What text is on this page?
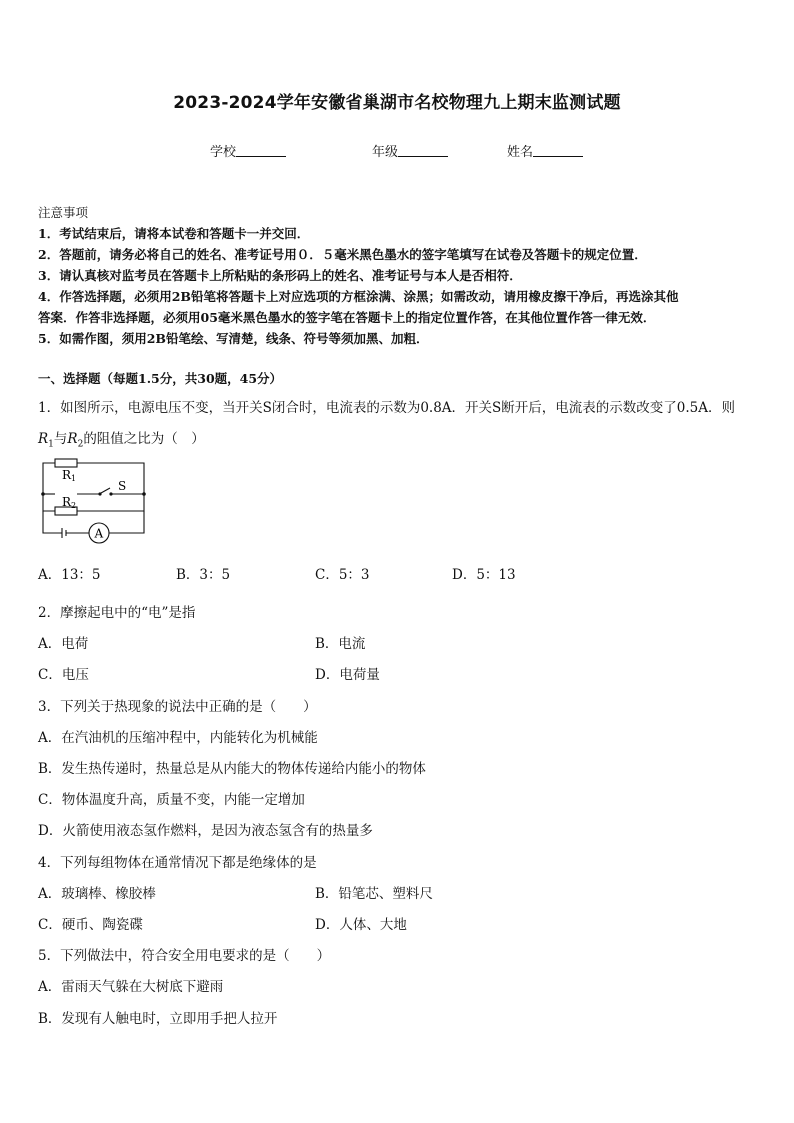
2023-2024学年安徽省巢湖市名校物理九上期末监测试题
学校	年级	姓名
注意事项
1．考试结束后，请将本试卷和答题卡一并交回．
2．答题前，请务必将自己的姓名、准考证号用０．５毫米黑色墨水的签字笔填写在试卷及答题卡的规定位置．
3．请认真核对监考员在答题卡上所粘贴的条形码上的姓名、准考证号与本人是否相符．
4．作答选择题，必须用2B铅笔将答题卡上对应选项的方框涂满、涂黑；如需改动，请用橡皮擦干净后，再选涂其他
答案．作答非选择题，必须用05毫米黑色墨水的签字笔在答题卡上的指定位置作答，在其他位置作答一律无效．
5．如需作图，须用2B铅笔绘、写清楚，线条、符号等须加黑、加粗．
一、选择题（每题1.5分，共30题，45分）
1．如图所示，电源电压不变，当开关S闭合时，电流表的示数为0.8A．开关S断开后，电流表的示数改变了0.5A．则
$R_1$与$R_2$的阻值之比为（　）
R1
R2
S
A
A．13：5	B．3：5	C．5：3	D．5：13
2．摩擦起电中的“电”是指
A．电荷	B．电流
C．电压	D．电荷量
3．下列关于热现象的说法中正确的是（　　）
A．在汽油机的压缩冲程中，内能转化为机械能
B．发生热传递时，热量总是从内能大的物体传递给内能小的物体
C．物体温度升高，质量不变，内能一定增加
D．火箭使用液态氢作燃料，是因为液态氢含有的热量多
4．下列每组物体在通常情况下都是绝缘体的是
A．玻璃棒、橡胶棒	B．铅笔芯、塑料尺
C．硬币、陶瓷碟	D．人体、大地
5．下列做法中，符合安全用电要求的是（　　）
A．雷雨天气躲在大树底下避雨
B．发现有人触电时，立即用手把人拉开
